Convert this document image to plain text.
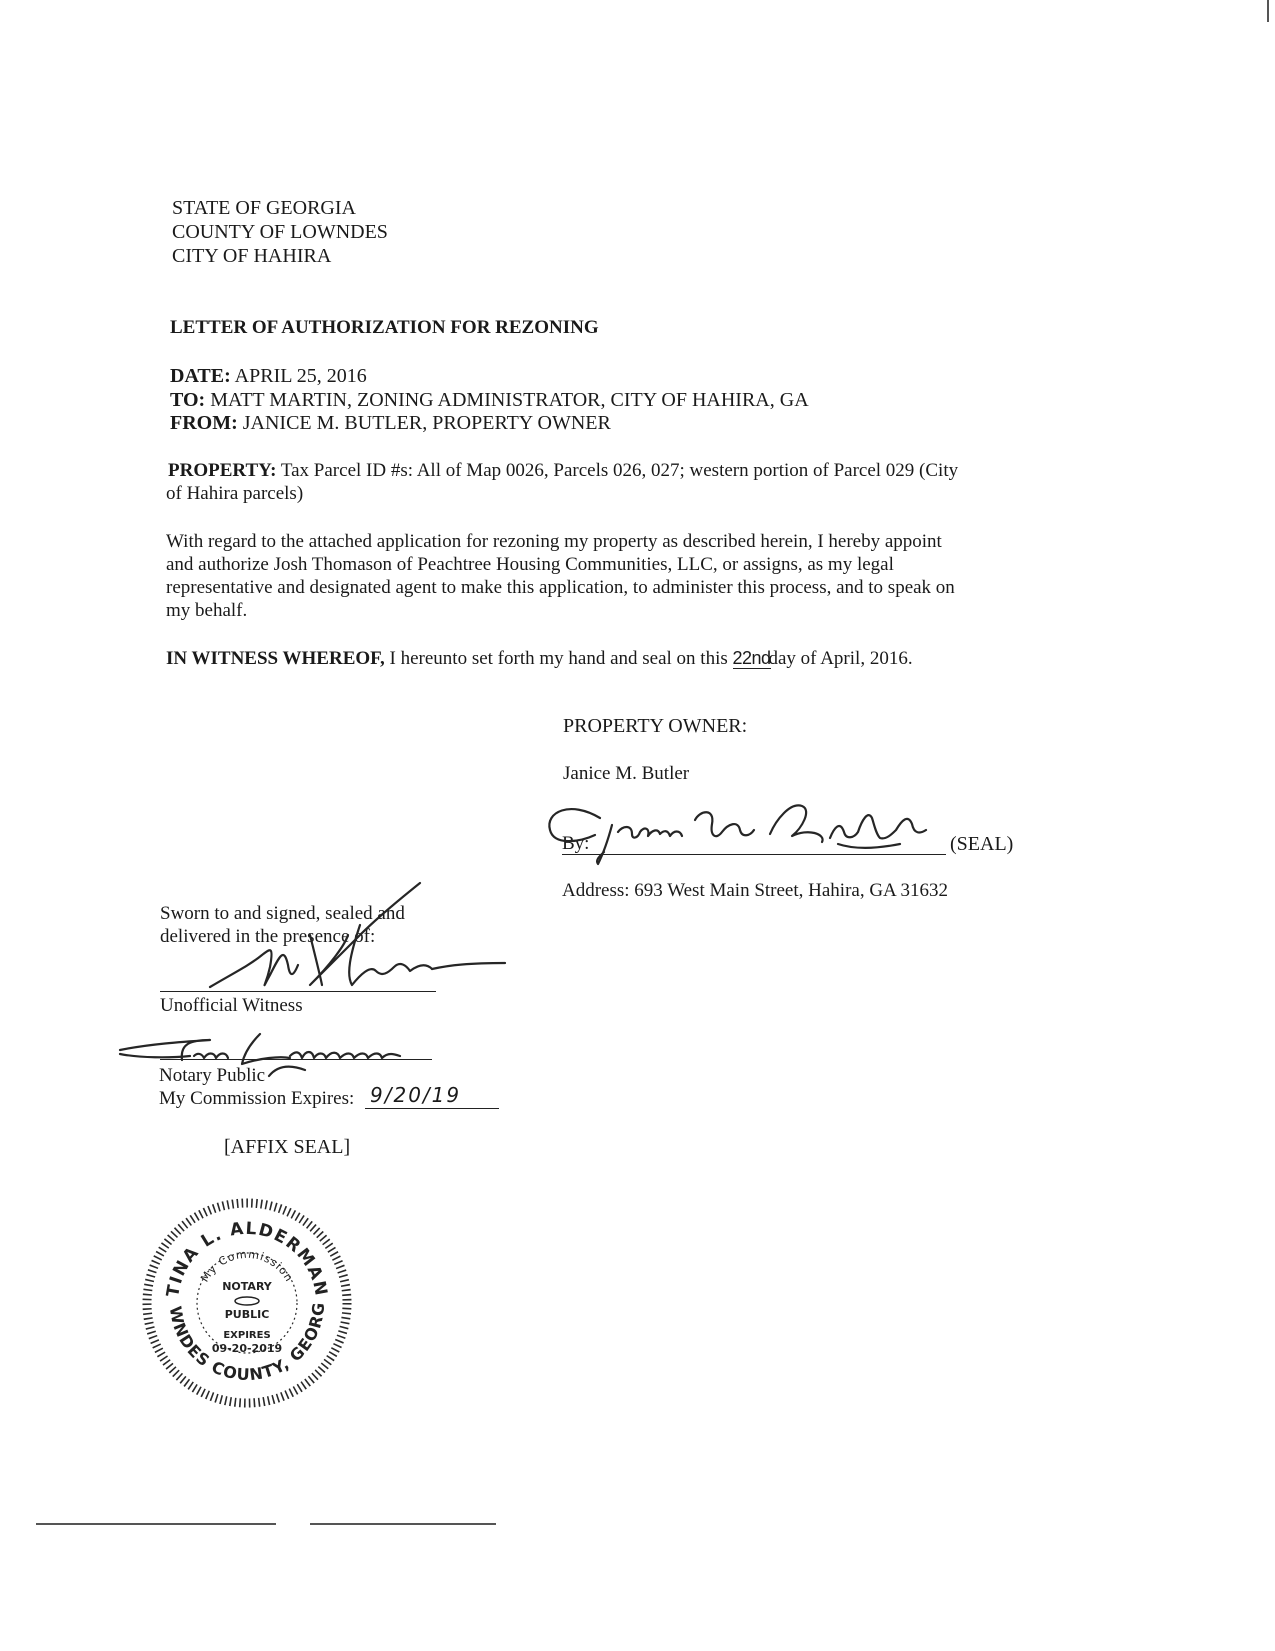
STATE OF GEORGIA
COUNTY OF LOWNDES
CITY OF HAHIRA
LETTER OF AUTHORIZATION FOR REZONING
DATE: APRIL 25, 2016
TO: MATT MARTIN, ZONING ADMINISTRATOR, CITY OF HAHIRA, GA
FROM: JANICE M. BUTLER, PROPERTY OWNER
PROPERTY: Tax Parcel ID #s: All of Map 0026, Parcels 026, 027; western portion of Parcel 029 (City
of Hahira parcels)
With regard to the attached application for rezoning my property as described herein, I hereby appoint
and authorize Josh Thomason of Peachtree Housing Communities, LLC, or assigns, as my legal
representative and designated agent to make this application, to administer this process, and to speak on
my behalf.
IN WITNESS WHEREOF, I hereunto set forth my hand and seal on this 22ndday of April, 2016.
PROPERTY OWNER:
Janice M. Butler
By:	(SEAL)
Address: 693 West Main Street, Hahira, GA 31632
Sworn to and signed, sealed and
delivered in the presence of:
Unofficial Witness
Notary Public
My Commission Expires: 9/20/19
[AFFIX SEAL]
TINA L. ALDERMAN
WNDES COUNTY, GEORG
My Commission
NOTARY
PUBLIC
EXPIRES
09-20-2019
